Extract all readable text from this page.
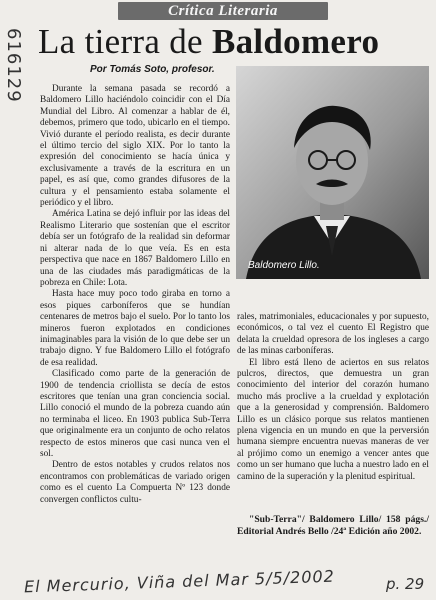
616129
Crítica Literaria
La tierra de Baldomero
Por Tomás Soto, profesor.
Baldomero Lillo.

Durante la semana pasada se recordó a Baldomero Lillo haciéndolo coincidir con el Día Mundial del Libro. Al comenzar a hablar de él, debemos, primero que todo, ubicarlo en el tiempo. Vivió durante el período realista, es decir durante el último tercio del siglo XIX. Por lo tanto la expresión del conocimiento se hacía única y exclusivamente a través de la escritura en un papel, es así que, como grandes difusores de la cultura y el pensamiento estaba solamente el periódico y el libro.

América Latina se dejó influir por las ideas del Realismo Literario que sostenían que el escritor debía ser un fotógrafo de la realidad sin deformar ni alterar nada de lo que veía. Es en esta perspectiva que nace en 1867 Baldomero Lillo en una de las ciudades más paradigmáticas de la pobreza en Chile: Lota.

Hasta hace muy poco todo giraba en torno a esos piques carboníferos que se hundían centenares de metros bajo el suelo. Por lo tanto los mineros fueron explotados en condiciones inimaginables para la visión de lo que debe ser un trabajo digno. Y fue Baldomero Lillo el fotógrafo de esa realidad.

Clasificado como parte de la generación de 1900 de tendencia criollista se decía de estos escritores que tenían una gran conciencia social. Lillo conoció el mundo de la pobreza cuando aún no terminaba el liceo. En 1903 publica Sub-Terra que originalmente era un conjunto de ocho relatos respecto de estos mineros que casi nunca ven el sol.

Dentro de estos notables y crudos relatos nos encontramos con problemáticas de variado origen como es el cuento La Compuerta Nº 123 donde convergen conflictos cultu-

rales, matrimoniales, educacionales y por supuesto, económicos, o tal vez el cuento El Registro que delata la crueldad opresora de los ingleses a cargo de las minas carboníferas.

El libro está lleno de aciertos en sus relatos pulcros, directos, que demuestra un gran conocimiento del interior del corazón humano mucho más proclive a la crueldad y explotación que a la generosidad y comprensión. Baldomero Lillo es un clásico porque sus relatos mantienen plena vigencia en un mundo en que la perversión humana siempre encuentra nuevas maneras de ver al prójimo como un enemigo a vencer antes que como un ser humano que lucha a nuestro lado en el camino de la superación y la plenitud espiritual.

"Sub-Terra"/ Baldomero Lillo/ 158 págs./ Editorial Andrés Bello /24ª Edición año 2002.

El Mercurio, Viña del Mar 5/5/2002	p. 29
